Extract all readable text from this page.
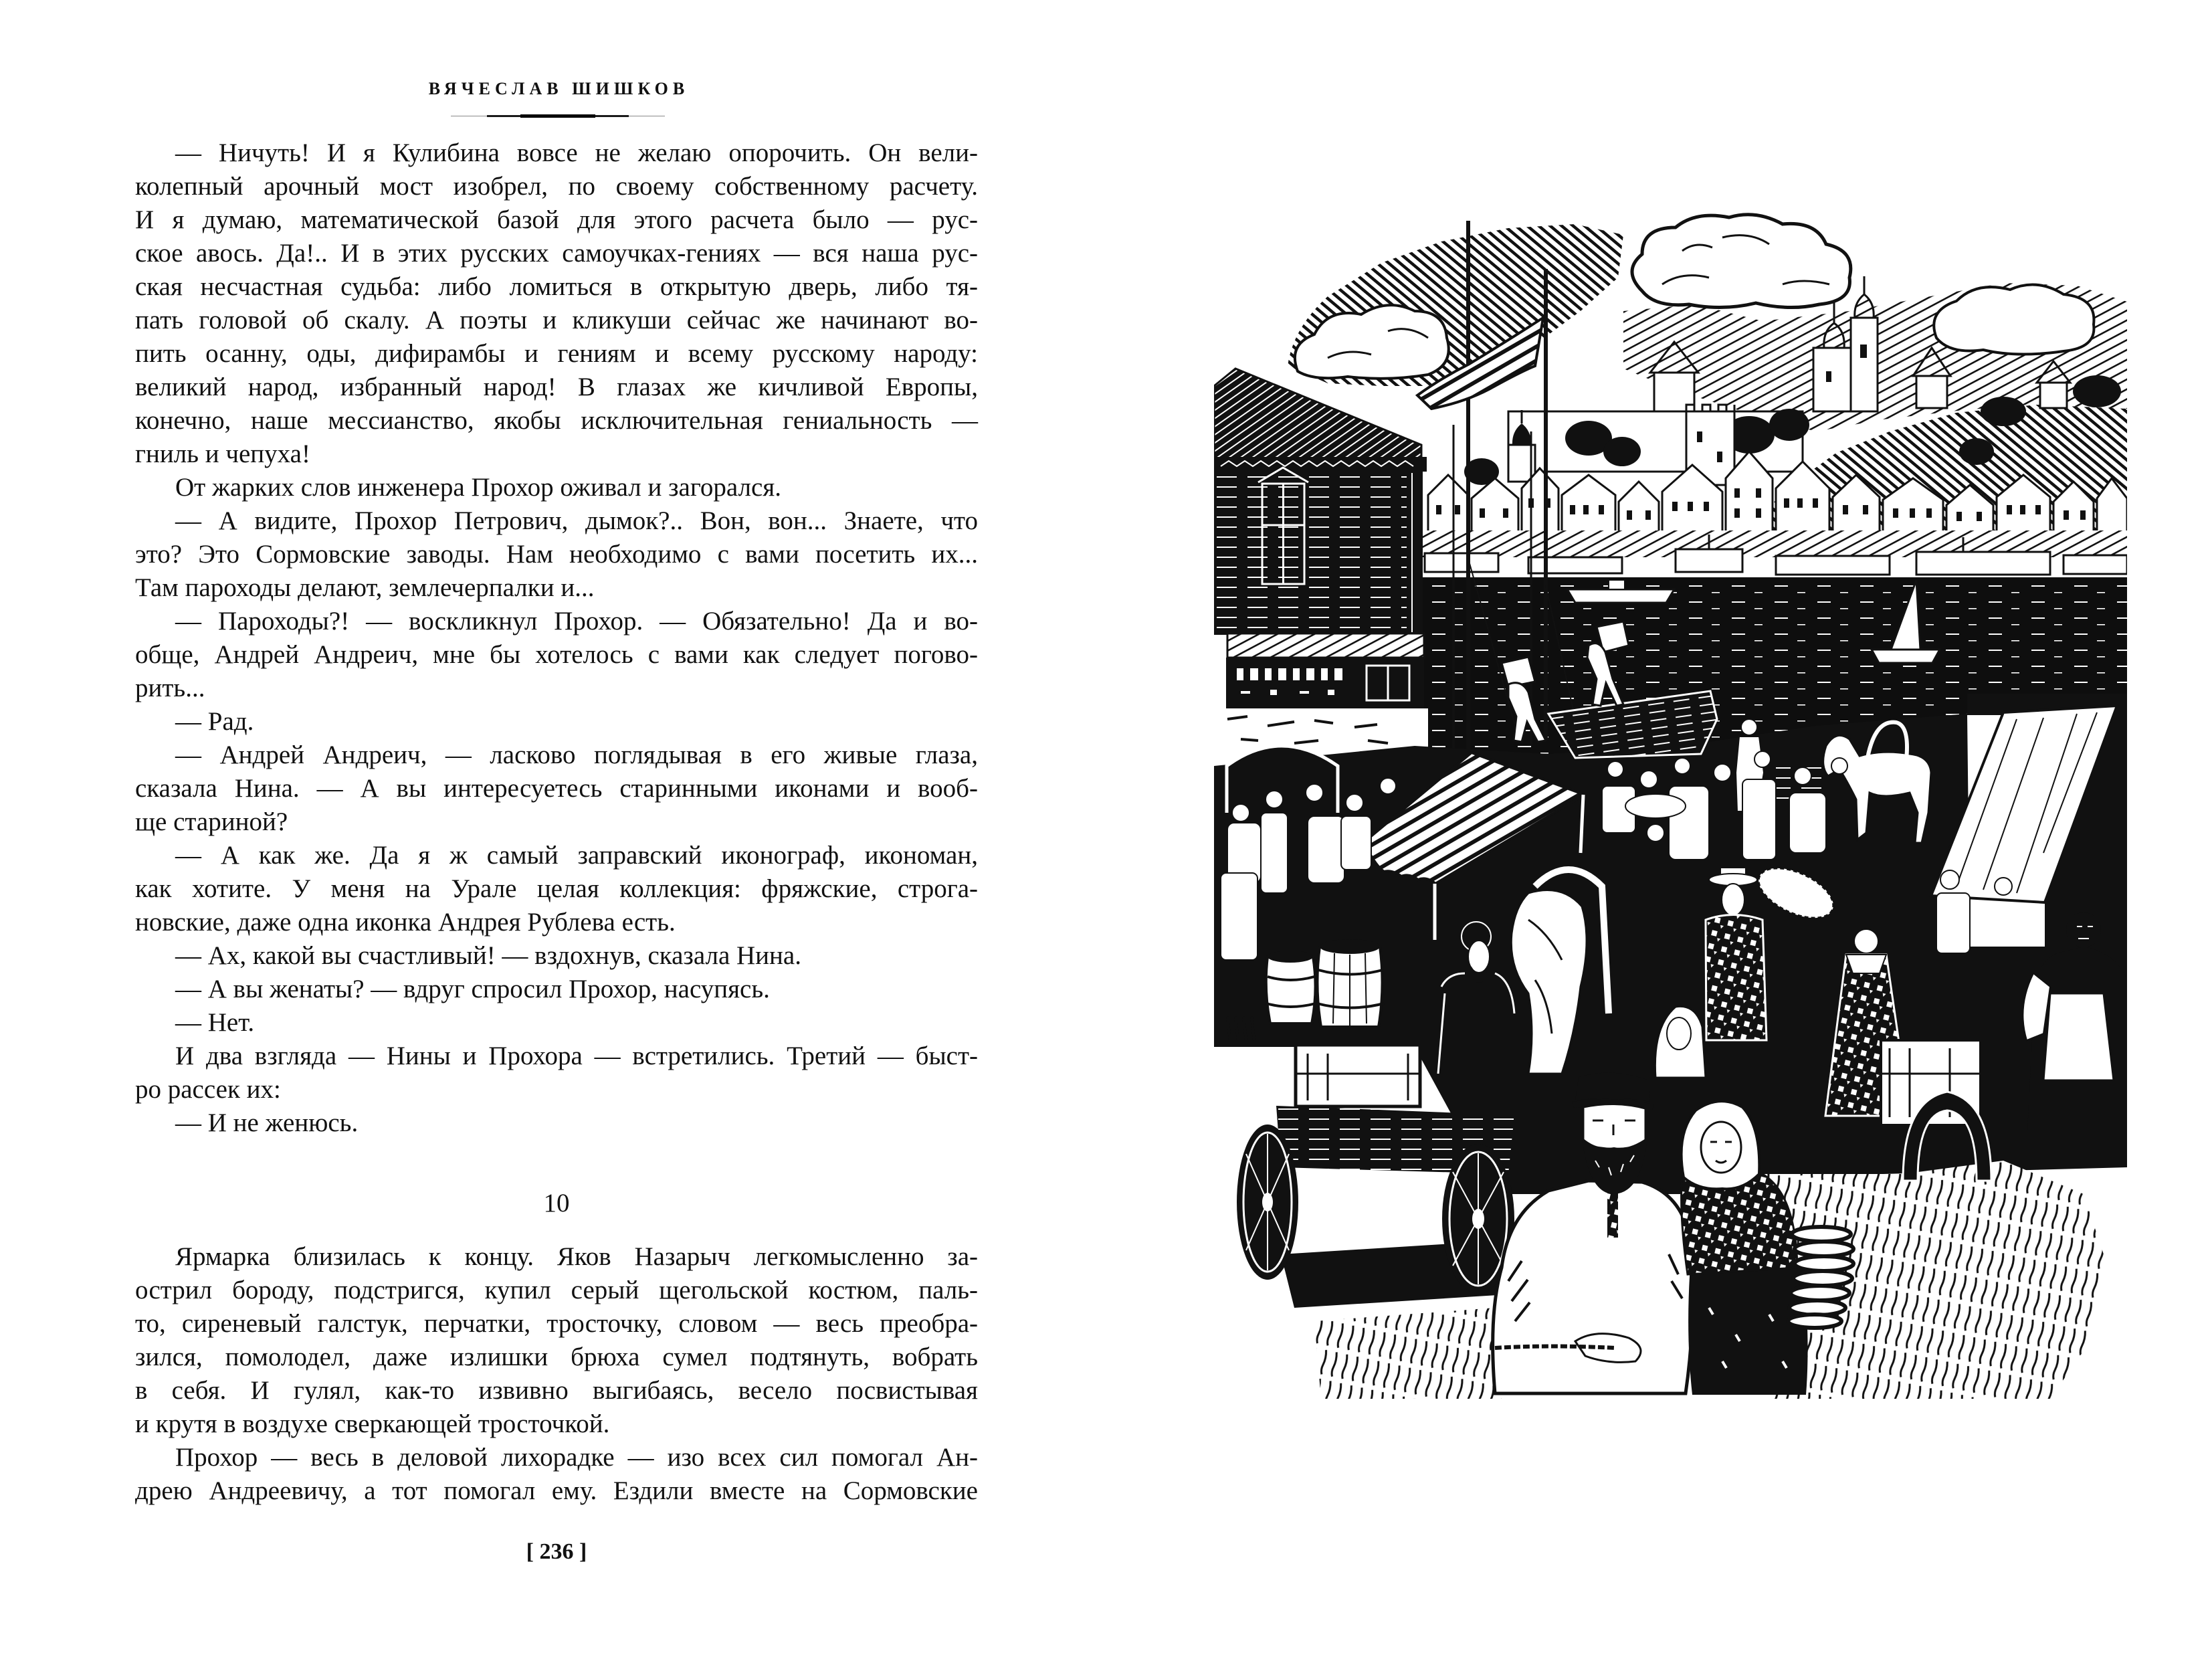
ВЯЧЕСЛАВ ШИШКОВ
— Ничуть! И я Кулибина вовсе не желаю опорочить. Он вели-
колепный арочный мост изобрел, по своему собственному расчету.
И я думаю, математической базой для этого расчета было — рус-
ское авось. Да!.. И в этих русских самоучках-гениях — вся наша рус-
ская несчастная судьба: либо ломиться в открытую дверь, либо тя-
пать головой об скалу. А поэты и кликуши сейчас же начинают во-
пить осанну, оды, дифирамбы и гениям и всему русскому народу:
великий народ, избранный народ! В глазах же кичливой Европы,
конечно, наше мессианство, якобы исключительная гениальность —
гниль и чепуха!
От жарких слов инженера Прохор оживал и загорался.
— А видите, Прохор Петрович, дымок?.. Вон, вон... Знаете, что
это? Это Сормовские заводы. Нам необходимо с вами посетить их...
Там пароходы делают, землечерпалки и...
— Пароходы?! — воскликнул Прохор. — Обязательно! Да и во-
обще, Андрей Андреич, мне бы хотелось с вами как следует погово-
рить...
— Рад.
— Андрей Андреич, — ласково поглядывая в его живые глаза,
сказала Нина. — А вы интересуетесь старинными иконами и вооб-
ще стариной?
— А как же. Да я ж самый заправский иконограф, икономан,
как хотите. У меня на Урале целая коллекция: фряжские, строга-
новские, даже одна иконка Андрея Рублева есть.
— Ах, какой вы счастливый! — вздохнув, сказала Нина.
— А вы женаты? — вдруг спросил Прохор, насупясь.
— Нет.
И два взгляда — Нины и Прохора — встретились. Третий — быст-
ро рассек их:
— И не женюсь.
10
Ярмарка близилась к концу. Яков Назарыч легкомысленно за-
острил бороду, подстригся, купил серый щегольской костюм, паль-
то, сиреневый галстук, перчатки, тросточку, словом — весь преобра-
зился, помолодел, даже излишки брюха сумел подтянуть, вобрать
в себя. И гулял, как-то извивно выгибаясь, весело посвистывая
и крутя в воздухе сверкающей тросточкой.
Прохор — весь в деловой лихорадке — изо всех сил помогал Ан-
дрею Андреевичу, а тот помогал ему. Ездили вместе на Сормовские
[ 236 ]
